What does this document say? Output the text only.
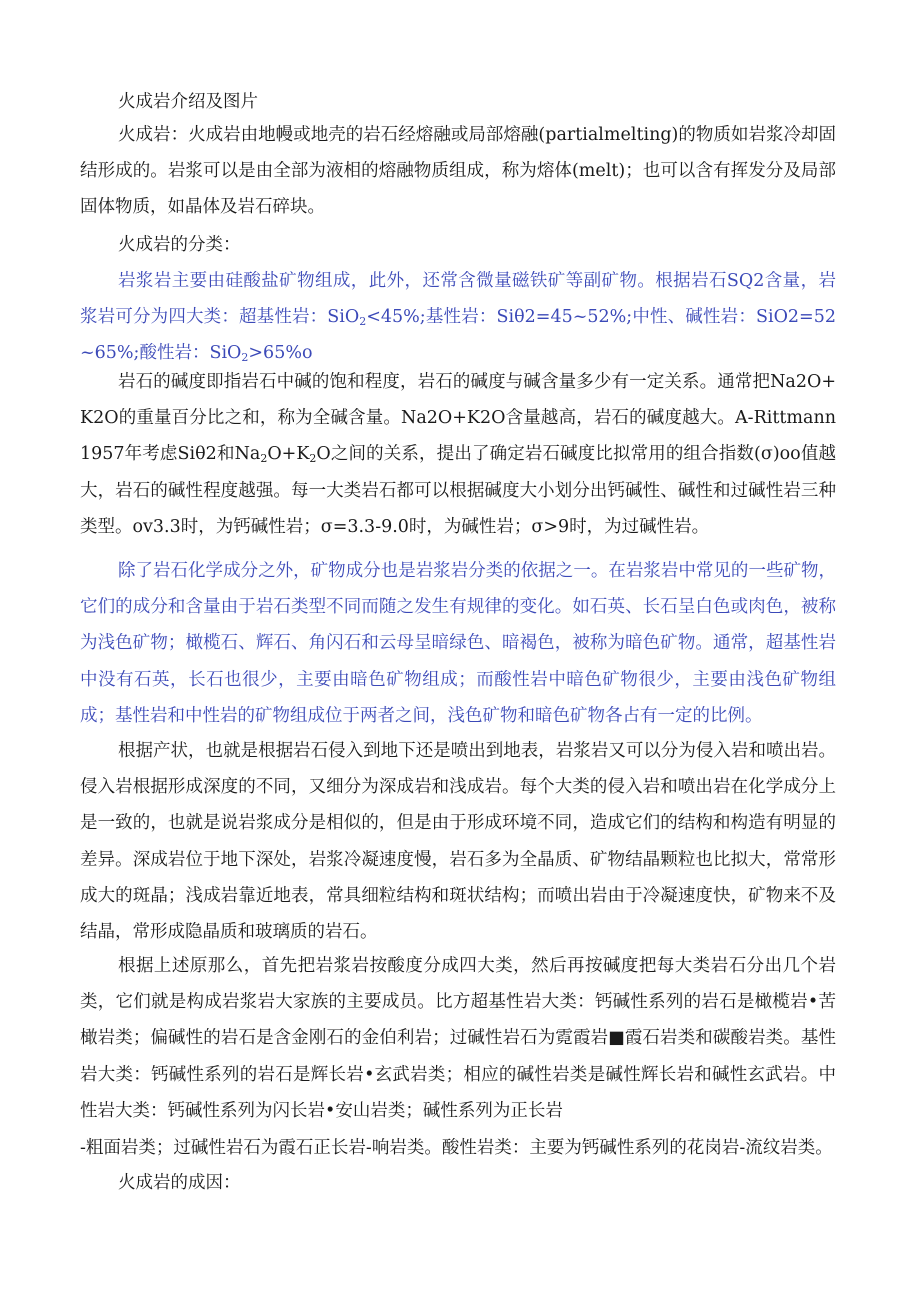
火成岩介绍及图片

火成岩：火成岩由地幔或地壳的岩石经熔融或局部熔融(partialmelting)的物质如岩浆冷却固结形成的。岩浆可以是由全部为液相的熔融物质组成，称为熔体(melt)；也可以含有挥发分及局部固体物质，如晶体及岩石碎块。

火成岩的分类：

岩浆岩主要由硅酸盐矿物组成，此外，还常含微量磁铁矿等副矿物。根据岩石SQ2含量，岩浆岩可分为四大类：超基性岩：SiO$_2$<45%;基性岩：Siθ2=45~52%;中性、碱性岩：SiO2=52~65%;酸性岩：SiO$_2$>65%o

岩石的碱度即指岩石中碱的饱和程度，岩石的碱度与碱含量多少有一定关系。通常把Na2O+K2O的重量百分比之和，称为全碱含量。Na2O+K2O含量越高，岩石的碱度越大。A-Rittmann1957年考虑Siθ2和$Na_2O+K_2O$之间的关系，提出了确定岩石碱度比拟常用的组合指数(σ)oo值越大，岩石的碱性程度越强。每一大类岩石都可以根据碱度大小划分出钙碱性、碱性和过碱性岩三种类型。ov3.3时，为钙碱性岩；σ=3.3-9.0时，为碱性岩；σ>9时，为过碱性岩。

除了岩石化学成分之外，矿物成分也是岩浆岩分类的依据之一。在岩浆岩中常见的一些矿物，它们的成分和含量由于岩石类型不同而随之发生有规律的变化。如石英、长石呈白色或肉色，被称为浅色矿物；橄榄石、辉石、角闪石和云母呈暗绿色、暗褐色，被称为暗色矿物。通常，超基性岩中没有石英，长石也很少，主要由暗色矿物组成；而酸性岩中暗色矿物很少，主要由浅色矿物组成；基性岩和中性岩的矿物组成位于两者之间，浅色矿物和暗色矿物各占有一定的比例。

根据产状，也就是根据岩石侵入到地下还是喷出到地表，岩浆岩又可以分为侵入岩和喷出岩。侵入岩根据形成深度的不同，又细分为深成岩和浅成岩。每个大类的侵入岩和喷出岩在化学成分上是一致的，也就是说岩浆成分是相似的，但是由于形成环境不同，造成它们的结构和构造有明显的差异。深成岩位于地下深处，岩浆冷凝速度慢，岩石多为全晶质、矿物结晶颗粒也比拟大，常常形成大的斑晶；浅成岩靠近地表，常具细粒结构和斑状结构；而喷出岩由于冷凝速度快，矿物来不及结晶，常形成隐晶质和玻璃质的岩石。

根据上述原那么，首先把岩浆岩按酸度分成四大类，然后再按碱度把每大类岩石分出几个岩类，它们就是构成岩浆岩大家族的主要成员。比方超基性岩大类：钙碱性系列的岩石是橄榄岩•苦橄岩类；偏碱性的岩石是含金刚石的金伯利岩；过碱性岩石为霓霞岩■霞石岩类和碳酸岩类。基性岩大类：钙碱性系列的岩石是辉长岩•玄武岩类；相应的碱性岩类是碱性辉长岩和碱性玄武岩。中性岩大类：钙碱性系列为闪长岩•安山岩类；碱性系列为正长岩

-粗面岩类；过碱性岩石为霞石正长岩-响岩类。酸性岩类：主要为钙碱性系列的花岗岩-流纹岩类。

火成岩的成因：
